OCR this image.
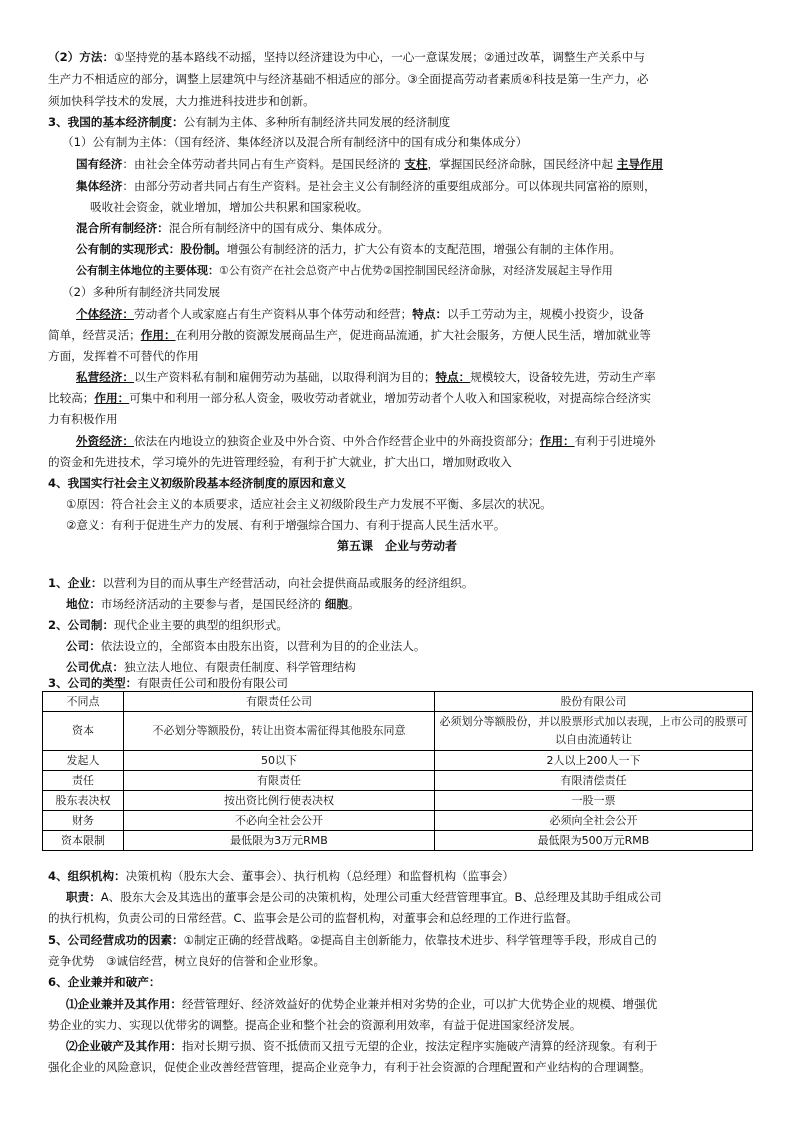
（2）方法：①坚持党的基本路线不动摇，坚持以经济建设为中心，一心一意谋发展；②通过改革，调整生产关系中与
生产力不相适应的部分，调整上层建筑中与经济基础不相适应的部分。③全面提高劳动者素质④科技是第一生产力，必
须加快科学技术的发展，大力推进科技进步和创新。
3、我国的基本经济制度：公有制为主体、多种所有制经济共同发展的经济制度
（1）公有制为主体：（国有经济、集体经济以及混合所有制经济中的国有成分和集体成分）
国有经济：由社会全体劳动者共同占有生产资料。是国民经济的 支柱，掌握国民经济命脉，国民经济中起 主导作用
集体经济：由部分劳动者共同占有生产资料。是社会主义公有制经济的重要组成部分。可以体现共同富裕的原则，
吸收社会资金，就业增加，增加公共积累和国家税收。
混合所有制经济：混合所有制经济中的国有成分、集体成分。
公有制的实现形式：股份制。增强公有制经济的活力，扩大公有资本的支配范围，增强公有制的主体作用。
公有制主体地位的主要体现：①公有资产在社会总资产中占优势②国控制国民经济命脉，对经济发展起主导作用
（2）多种所有制经济共同发展
个体经济：劳动者个人或家庭占有生产资料从事个体劳动和经营；特点：以手工劳动为主，规模小投资少，设备
简单，经营灵活；作用：在利用分散的资源发展商品生产，促进商品流通，扩大社会服务，方便人民生活，增加就业等
方面，发挥着不可替代的作用
私营经济：以生产资料私有制和雇佣劳动为基础，以取得利润为目的；特点：规模较大，设备较先进，劳动生产率
比较高；作用：可集中和利用一部分私人资金，吸收劳动者就业，增加劳动者个人收入和国家税收，对提高综合经济实
力有积极作用
外资经济：依法在内地设立的独资企业及中外合资、中外合作经营企业中的外商投资部分；作用：有利于引进境外
的资金和先进技术，学习境外的先进管理经验，有利于扩大就业，扩大出口，增加财政收入
4、我国实行社会主义初级阶段基本经济制度的原因和意义
①原因：符合社会主义的本质要求，适应社会主义初级阶段生产力发展不平衡、多层次的状况。
②意义：有利于促进生产力的发展、有利于增强综合国力、有利于提高人民生活水平。
第五课　企业与劳动者
1、企业：以营利为目的而从事生产经营活动，向社会提供商品或服务的经济组织。
地位：市场经济活动的主要参与者，是国民经济的 细胞。
2、公司制：现代企业主要的典型的组织形式。
公司：依法设立的，全部资本由股东出资，以营利为目的的企业法人。
公司优点：独立法人地位、有限责任制度、科学管理结构
3、公司的类型：有限责任公司和股份有限公司
不同点	有限责任公司	股份有限公司
资本	不必划分等额股份，转让出资本需征得其他股东同意	必须划分等额股份，并以股票形式加以表现，上市公司的股票可以自由流通转让
发起人	50以下	2人以上200人一下
责任	有限责任	有限清偿责任
股东表决权	按出资比例行使表决权	一股一票
财务	不必向全社会公开	必须向全社会公开
资本限制	最低限为3万元RMB	最低限为500万元RMB
4、组织机构：决策机构（股东大会、董事会）、执行机构（总经理）和监督机构（监事会）
职责：A、股东大会及其选出的董事会是公司的决策机构，处理公司重大经营管理事宜。B、总经理及其助手组成公司
的执行机构，负责公司的日常经营。C、监事会是公司的监督机构，对董事会和总经理的工作进行监督。
5、公司经营成功的因素：①制定正确的经营战略。②提高自主创新能力，依靠技术进步、科学管理等手段，形成自己的
竞争优势　③诚信经营，树立良好的信誉和企业形象。
6、企业兼并和破产：
⑴企业兼并及其作用：经营管理好、经济效益好的优势企业兼并相对劣势的企业，可以扩大优势企业的规模、增强优
势企业的实力、实现以优带劣的调整。提高企业和整个社会的资源利用效率，有益于促进国家经济发展。
⑵企业破产及其作用：指对长期亏损、资不抵债而又扭亏无望的企业，按法定程序实施破产清算的经济现象。有利于
强化企业的风险意识，促使企业改善经营管理，提高企业竞争力，有利于社会资源的合理配置和产业结构的合理调整。
